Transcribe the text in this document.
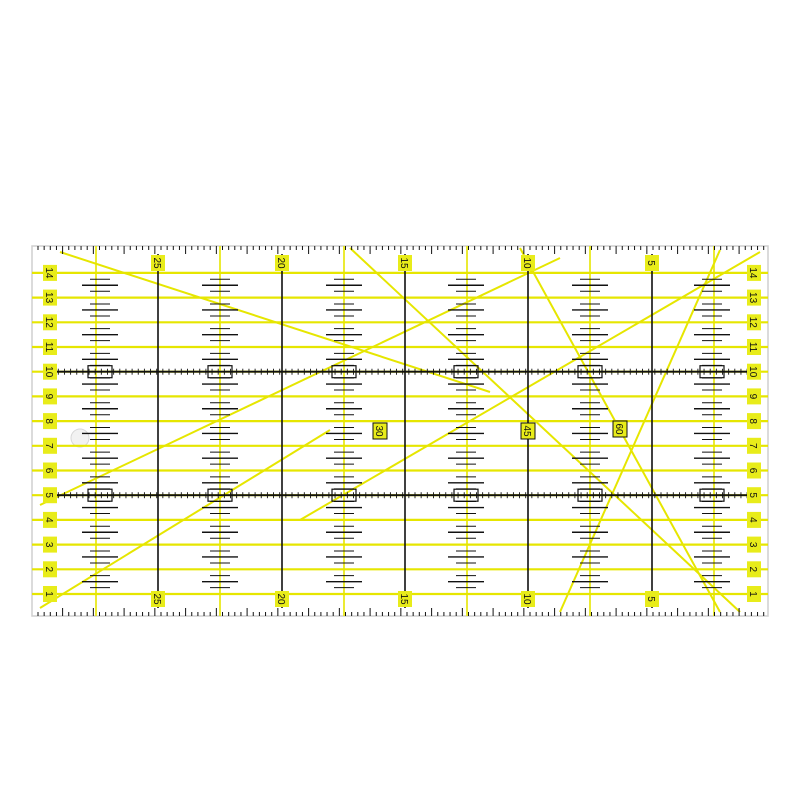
25
25
20
20
15
15
10
10
5
5
1	1
2	2
3	3
4	4
5	5
6	6
7	7
8	8
9	9
10	10
11	11
12	12
13	13
14	14
30	45	60
